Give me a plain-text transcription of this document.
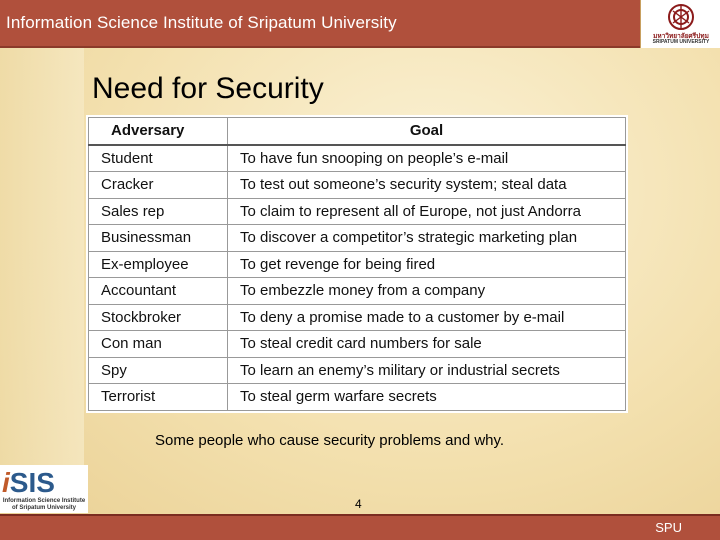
Information Science Institute of Sripatum University
มหาวิทยาลัยศรีปทุม
SRIPATUM UNIVERSITY
Need for Security
Adversary	Goal
Student	To have fun snooping on people’s e-mail
Cracker	To test out someone’s security system; steal data
Sales rep	To claim to represent all of Europe, not just Andorra
Businessman	To discover a competitor’s strategic marketing plan
Ex-employee	To get revenge for being fired
Accountant	To embezzle money from a company
Stockbroker	To deny a promise made to a customer by e-mail
Con man	To steal credit card numbers for sale
Spy	To learn an enemy’s military or industrial secrets
Terrorist	To steal germ warfare secrets
Some people who cause security problems and why.
iSIS
Information Science Institute
of Sripatum University	4
SPU
